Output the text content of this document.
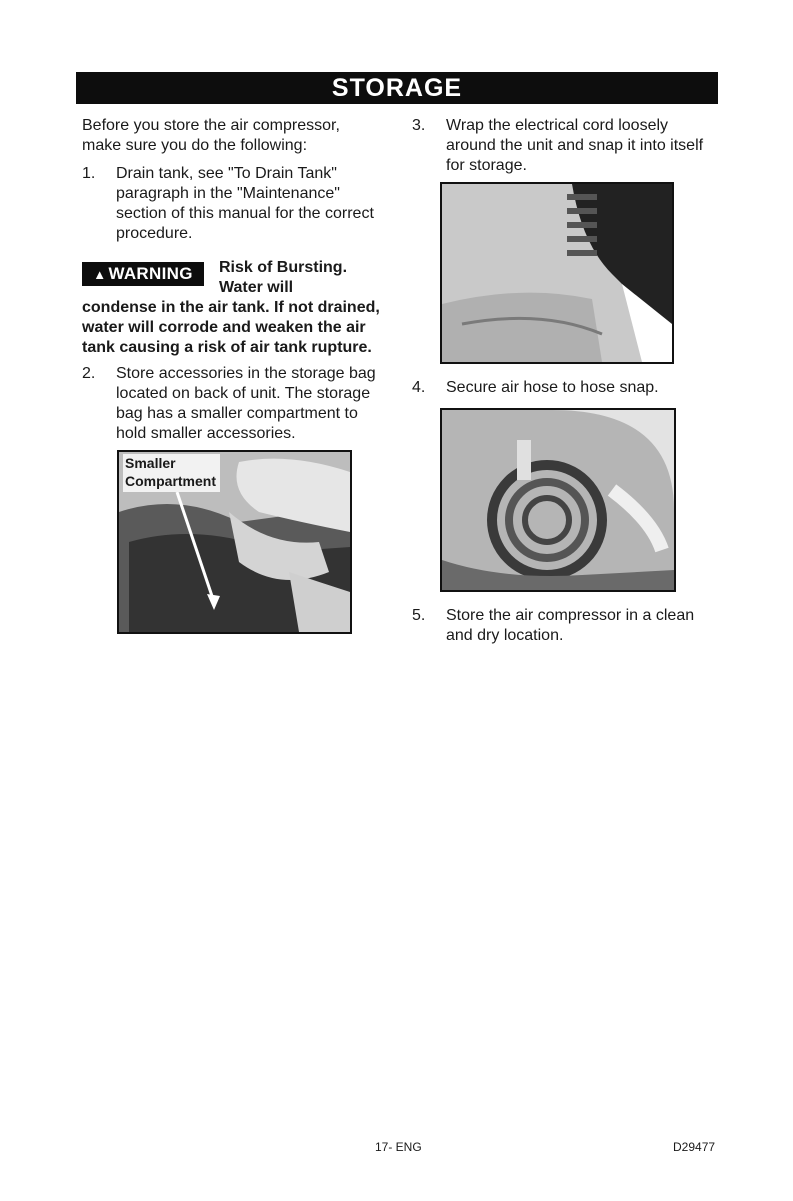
STORAGE

Before you store the air compressor, make sure you do the following:

1. Drain tank, see "To Drain Tank" paragraph in the "Maintenance" section of this manual for the correct procedure.
▲ WARNING	Risk of Bursting.
Water will

condense in the air tank. If not drained, water will corrode and weaken the air tank causing a risk of air tank rupture.

2. Store accessories in the storage bag located on back of unit. The storage bag has a smaller compartment to hold smaller accessories.
Smaller
Compartment
3. Wrap the electrical cord loosely around the unit and snap it into itself for storage.
4. Secure air hose to hose snap.
5. Store the air compressor in a clean and dry location.
17- ENG	D29477
